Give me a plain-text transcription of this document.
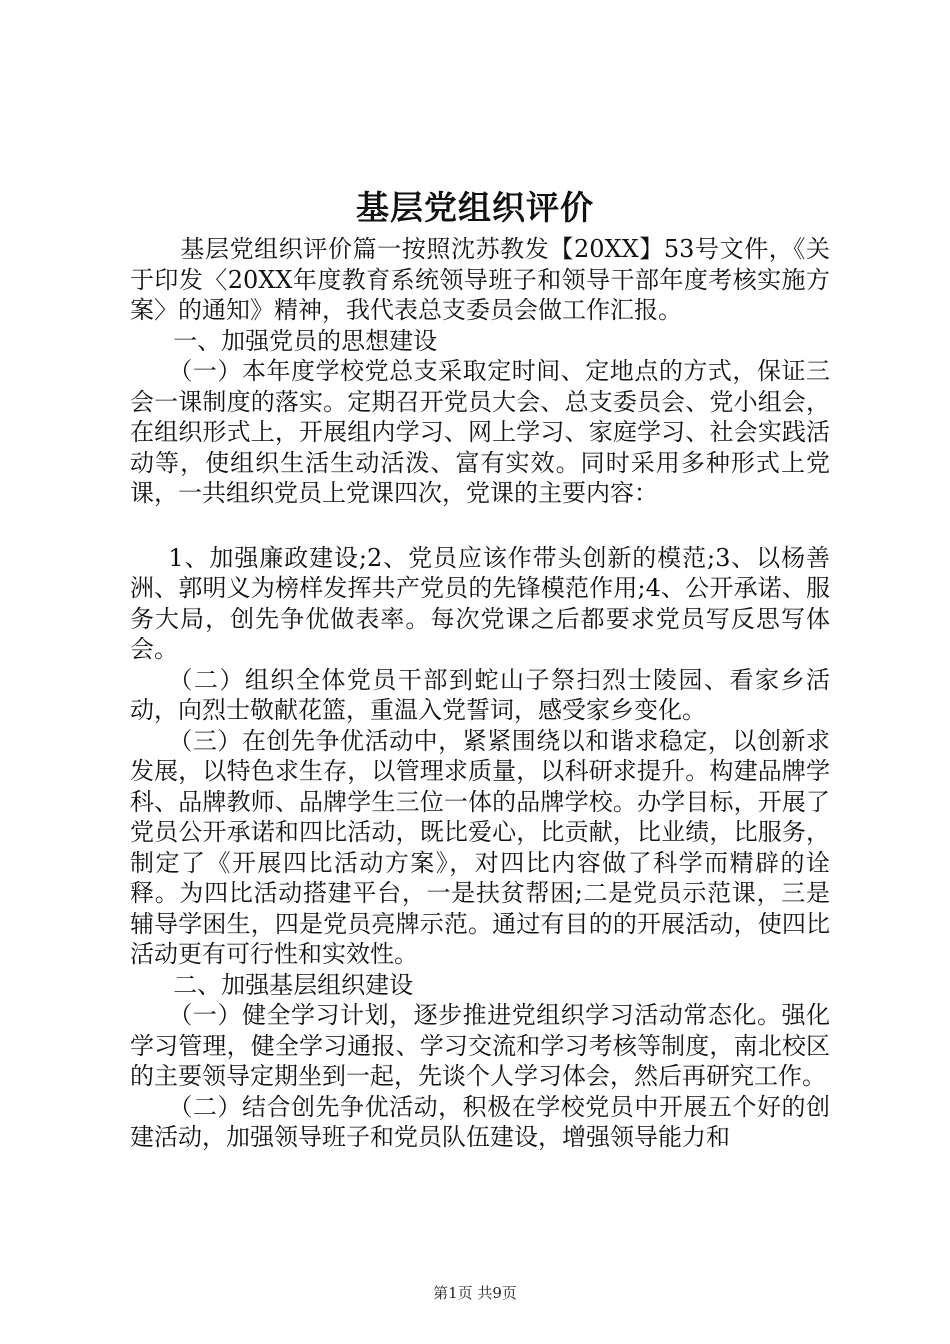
基层党组织评价

基层党组织评价篇一按照沈苏教发【20XX】53号文件，《关于印发〈20XX年度教育系统领导班子和领导干部年度考核实施方案〉的通知》精神，我代表总支委员会做工作汇报。

一、加强党员的思想建设

（一）本年度学校党总支采取定时间、定地点的方式，保证三会一课制度的落实。定期召开党员大会、总支委员会、党小组会，在组织形式上，开展组内学习、网上学习、家庭学习、社会实践活动等，使组织生活生动活泼、富有实效。同时采用多种形式上党课，一共组织党员上党课四次，党课的主要内容：

1、加强廉政建设;2、党员应该作带头创新的模范;3、以杨善洲、郭明义为榜样发挥共产党员的先锋模范作用;4、公开承诺、服务大局，创先争优做表率。每次党课之后都要求党员写反思写体会。

（二）组织全体党员干部到蛇山子祭扫烈士陵园、看家乡活动，向烈士敬献花篮，重温入党誓词，感受家乡变化。

（三）在创先争优活动中，紧紧围绕以和谐求稳定，以创新求发展，以特色求生存，以管理求质量，以科研求提升。构建品牌学科、品牌教师、品牌学生三位一体的品牌学校。办学目标，开展了党员公开承诺和四比活动，既比爱心，比贡献，比业绩，比服务，制定了《开展四比活动方案》，对四比内容做了科学而精辟的诠释。为四比活动搭建平台，一是扶贫帮困;二是党员示范课，三是辅导学困生，四是党员亮牌示范。通过有目的的开展活动，使四比活动更有可行性和实效性。

二、加强基层组织建设

（一）健全学习计划，逐步推进党组织学习活动常态化。强化学习管理，健全学习通报、学习交流和学习考核等制度，南北校区的主要领导定期坐到一起，先谈个人学习体会，然后再研究工作。

（二）结合创先争优活动，积极在学校党员中开展五个好的创建活动，加强领导班子和党员队伍建设，增强领导能力和

第1页 共9页
